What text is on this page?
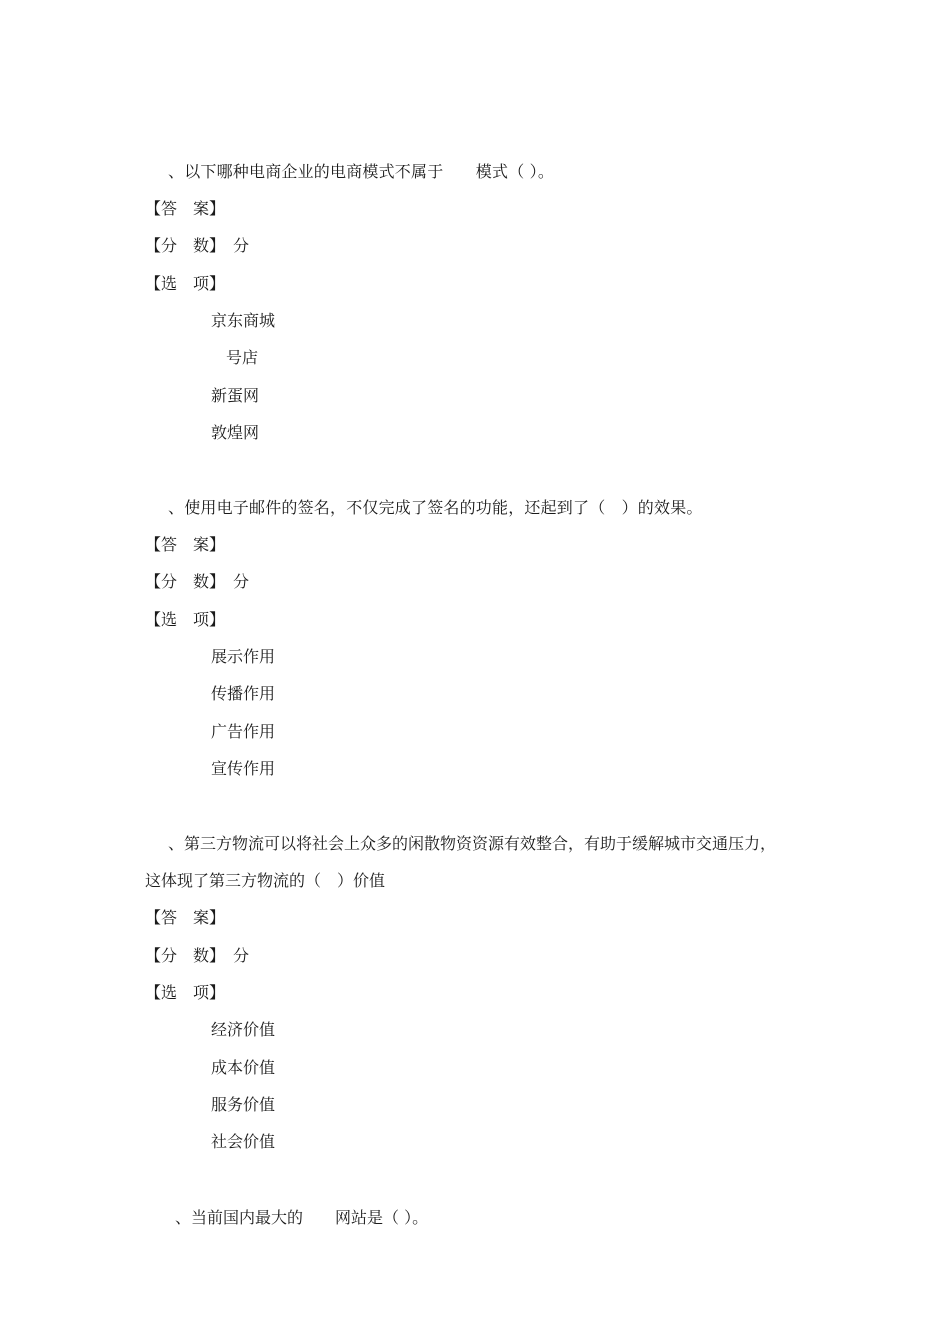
、以下哪种电商企业的电商模式不属于　　模式（ ）。
【答　案】
【分　数】　分
【选　项】
京东商城
号店
新蛋网
敦煌网
、使用电子邮件的签名，不仅完成了签名的功能，还起到了（　）的效果。
【答　案】
【分　数】　分
【选　项】
展示作用
传播作用
广告作用
宣传作用
、第三方物流可以将社会上众多的闲散物资资源有效整合，有助于缓解城市交通压力，
这体现了第三方物流的（　）价值
【答　案】
【分　数】　分
【选　项】
经济价值
成本价值
服务价值
社会价值
、当前国内最大的　　网站是（ ）。
